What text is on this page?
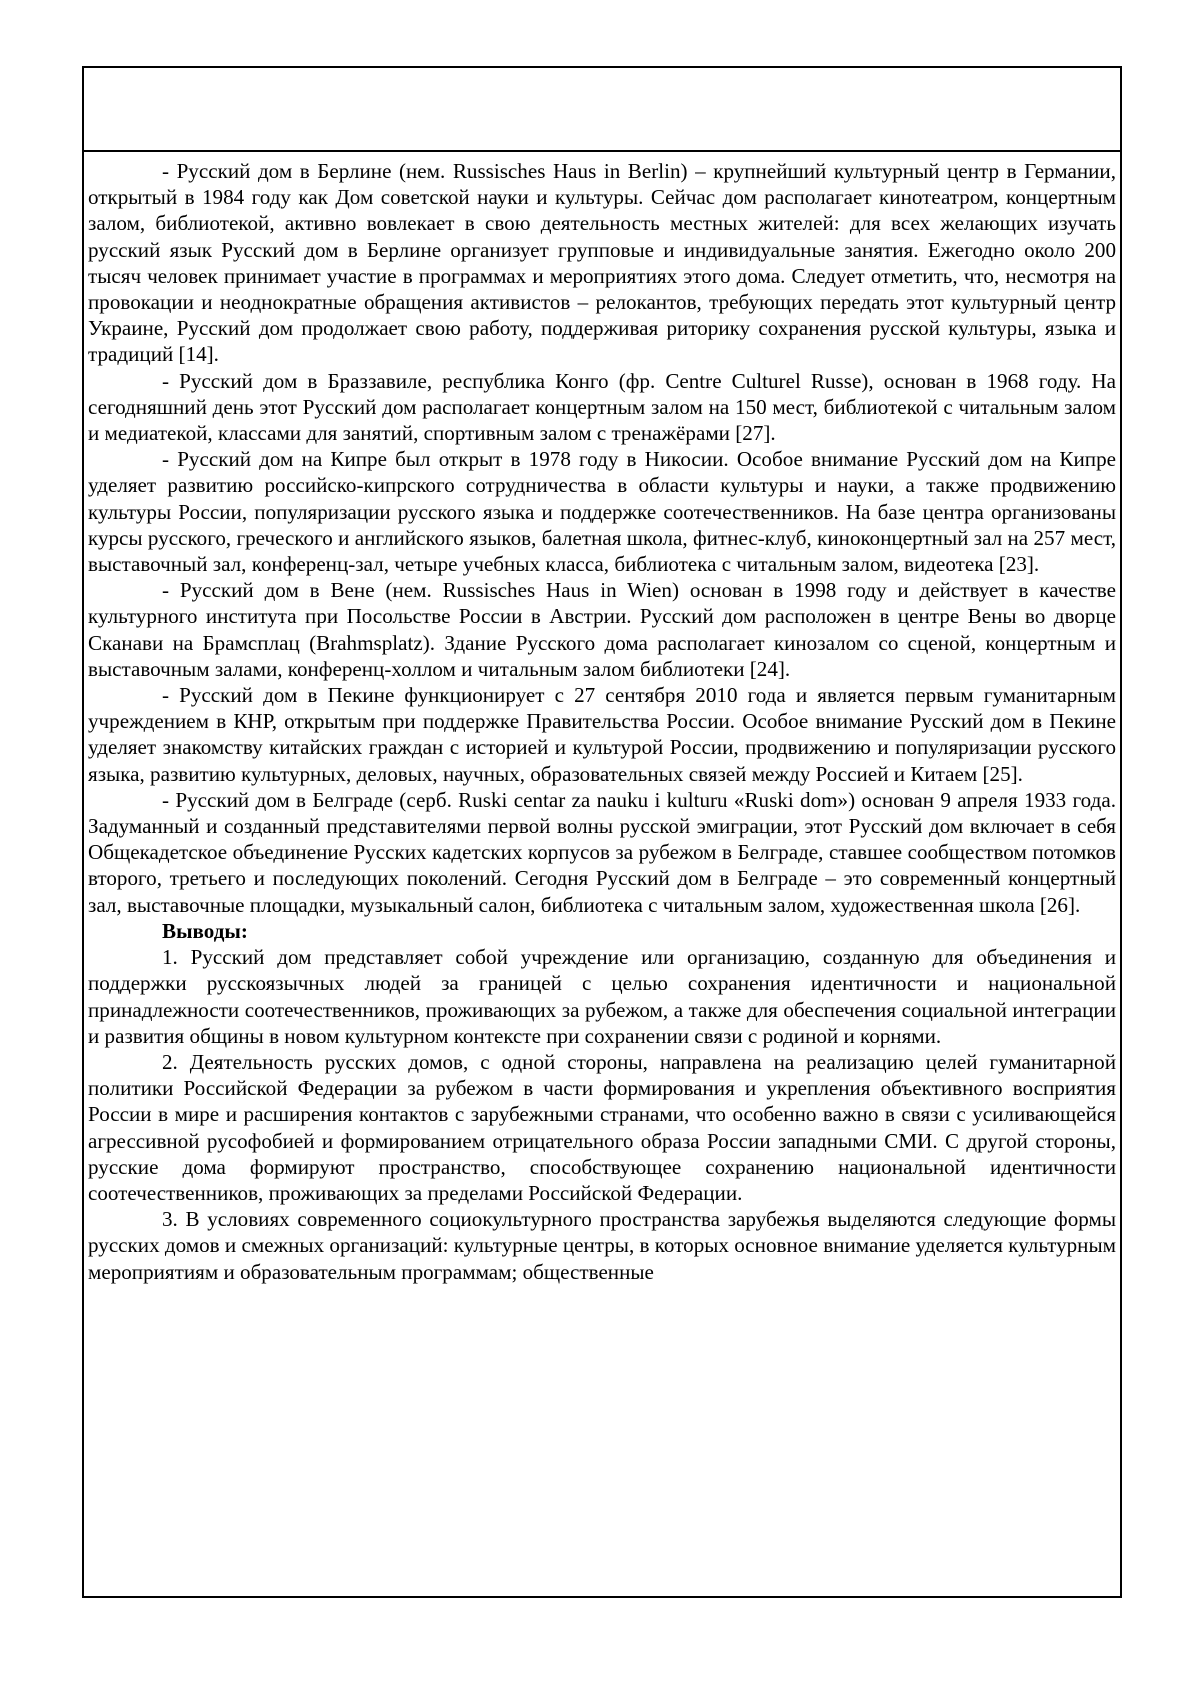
- Русский дом в Берлине (нем. Russisches Haus in Berlin) – крупнейший культурный центр в Германии, открытый в 1984 году как Дом советской науки и культуры. Сейчас дом располагает кинотеатром, концертным залом, библиотекой, активно вовлекает в свою деятельность местных жителей: для всех желающих изучать русский язык Русский дом в Берлине организует групповые и индивидуальные занятия. Ежегодно около 200 тысяч человек принимает участие в программах и мероприятиях этого дома. Следует отметить, что, несмотря на провокации и неоднократные обращения активистов – релокантов, требующих передать этот культурный центр Украине, Русский дом продолжает свою работу, поддерживая риторику сохранения русской культуры, языка и традиций [14].

- Русский дом в Браззавиле, республика Конго (фр. Centre Culturel Russe), основан в 1968 году. На сегодняшний день этот Русский дом располагает концертным залом на 150 мест, библиотекой с читальным залом и медиатекой, классами для занятий, спортивным залом с тренажёрами [27].

- Русский дом на Кипре был открыт в 1978 году в Никосии. Особое внимание Русский дом на Кипре уделяет развитию российско-кипрского сотрудничества в области культуры и науки, а также продвижению культуры России, популяризации русского языка и поддержке соотечественников. На базе центра организованы курсы русского, греческого и английского языков, балетная школа, фитнес-клуб, киноконцертный зал на 257 мест, выставочный зал, конференц-зал, четыре учебных класса, библиотека с читальным залом, видеотека [23].

- Русский дом в Вене (нем. Russisches Haus in Wien) основан в 1998 году и действует в качестве культурного института при Посольстве России в Австрии. Русский дом расположен в центре Вены во дворце Сканави на Брамсплац (Brahmsplatz). Здание Русского дома располагает кинозалом со сценой, концертным и выставочным залами, конференц-холлом и читальным залом библиотеки [24].

- Русский дом в Пекине функционирует с 27 сентября 2010 года и является первым гуманитарным учреждением в КНР, открытым при поддержке Правительства России. Особое внимание Русский дом в Пекине уделяет знакомству китайских граждан с историей и культурой России, продвижению и популяризации русского языка, развитию культурных, деловых, научных, образовательных связей между Россией и Китаем [25].

- Русский дом в Белграде (серб. Ruski centar za nauku i kulturu «Ruski dom») основан 9 апреля 1933 года. Задуманный и созданный представителями первой волны русской эмиграции, этот Русский дом включает в себя Общекадетское объединение Русских кадетских корпусов за рубежом в Белграде, ставшее сообществом потомков второго, третьего и последующих поколений. Сегодня Русский дом в Белграде – это современный концертный зал, выставочные площадки, музыкальный салон, библиотека с читальным залом, художественная школа [26].

Выводы:

1. Русский дом представляет собой учреждение или организацию, созданную для объединения и поддержки русскоязычных людей за границей с целью сохранения идентичности и национальной принадлежности соотечественников, проживающих за рубежом, а также для обеспечения социальной интеграции и развития общины в новом культурном контексте при сохранении связи с родиной и корнями.

2. Деятельность русских домов, с одной стороны, направлена на реализацию целей гуманитарной политики Российской Федерации за рубежом в части формирования и укрепления объективного восприятия России в мире и расширения контактов с зарубежными странами, что особенно важно в связи с усиливающейся агрессивной русофобией и формированием отрицательного образа России западными СМИ. С другой стороны, русские дома формируют пространство, способствующее сохранению национальной идентичности соотечественников, проживающих за пределами Российской Федерации.

3. В условиях современного социокультурного пространства зарубежья выделяются следующие формы русских домов и смежных организаций: культурные центры, в которых основное внимание уделяется культурным мероприятиям и образовательным программам; общественные
